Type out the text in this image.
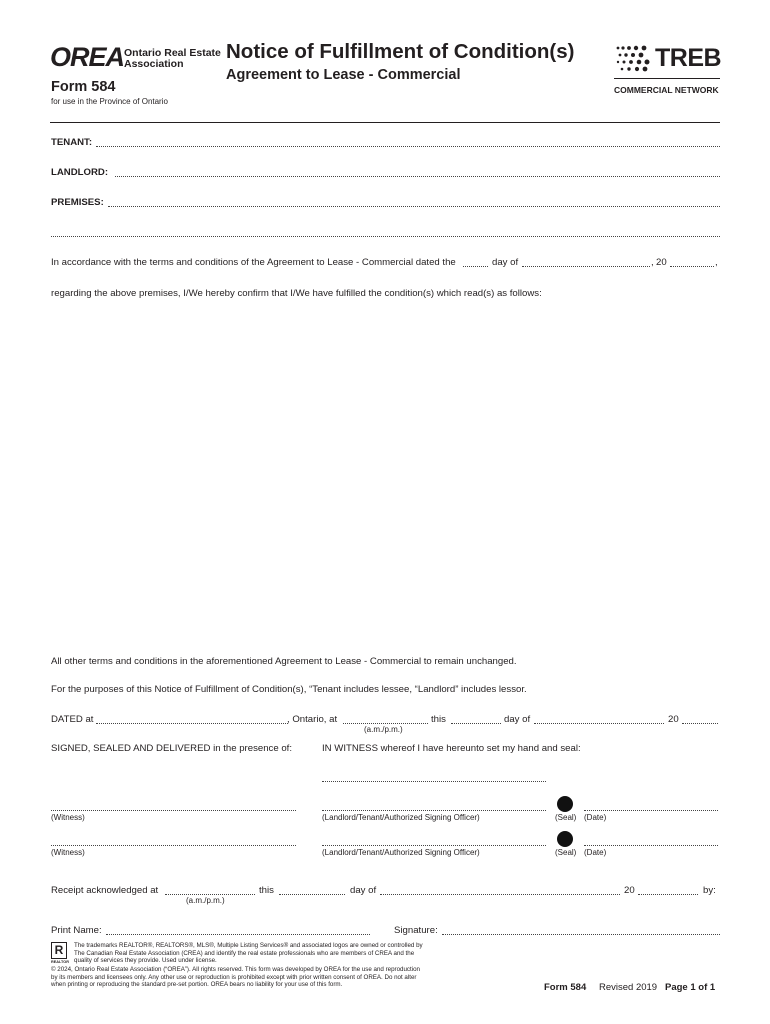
OREA Ontario Real Estate
Association
Form 584
for use in the Province of Ontario
Notice of Fulfillment of Condition(s)
Agreement to Lease - Commercial
TREB
COMMERCIAL NETWORK
TENANT:
LANDLORD:
PREMISES:
In accordance with the terms and conditions of the Agreement to Lease - Commercial dated the	day of	, 20	,
regarding the above premises, I/We hereby confirm that I/We have fulfilled the condition(s) which read(s) as follows:
All other terms and conditions in the aforementioned Agreement to Lease - Commercial to remain unchanged.
For the purposes of this Notice of Fulfillment of Condition(s), “Tenant includes lessee, “Landlord” includes lessor.
DATED at	, Ontario, at	this	day of	20
(a.m./p.m.)
SIGNED, SEALED AND DELIVERED in the presence of:	IN WITNESS whereof I have hereunto set my hand and seal:
(Witness)	(Landlord/Tenant/Authorized Signing Officer)	(Seal) (Date)
(Witness)	(Landlord/Tenant/Authorized Signing Officer)	(Seal) (Date)
Receipt acknowledged at	this	day of	20	by:
(a.m./p.m.)
Print Name:	Signature:
R
REALTOR
The trademarks REALTOR®, REALTORS®, MLS®, Multiple Listing Services® and associated logos are owned or controlled by
The Canadian Real Estate Association (CREA) and identify the real estate professionals who are members of CREA and the
quality of services they provide. Used under license.
© 2024, Ontario Real Estate Association (“OREA”). All rights reserved. This form was developed by OREA for the use and reproduction
by its members and licensees only. Any other use or reproduction is prohibited except with prior written consent of OREA. Do not alter
when printing or reproducing the standard pre-set portion. OREA bears no liability for your use of this form.	Form 584 Revised 2019 Page 1 of 1
